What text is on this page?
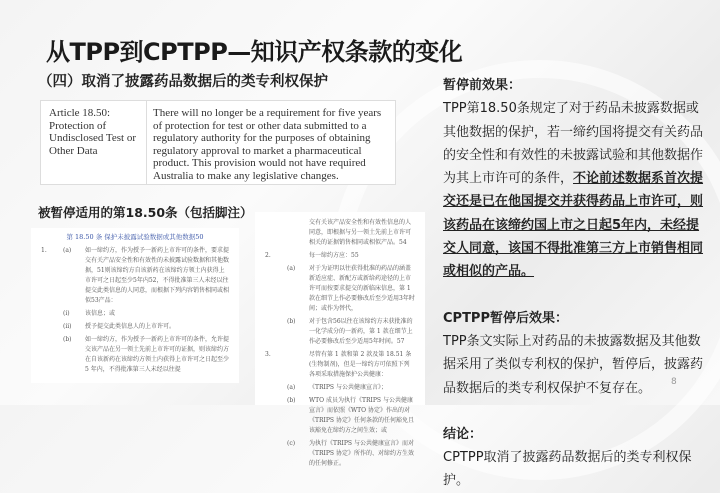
从TPP到CPTPP—知识产权条款的变化
（四）取消了披露药品数据后的类专利权保护
Article 18.50: Protection of Undisclosed Test or Other Data
There will no longer be a requirement for five years of protection for test or other data submitted to a regulatory authority for the purposes of obtaining regulatory approval to market a pharmaceutical product. This provision would not have required Australia to make any legislative changes.
被暂停适用的第18.50条（包括脚注）
第 18.50 条 保护未披露试验数据或其他数据50
1.	(a)	如一缔约方，作为授予一新药上市许可的条件，要求提交有关产品安全性和有效性的未披露试验数据和其他数据，51则该缔约方自该新药在该缔约方领土内获得上市许可之日起至少5年内52，不得批准第三人未经以往提交此类信息的人同意，而根据下列内容销售相同或相似53产品：
(i)	该信息；或
(ii)	授予提交此类信息人的上市许可。
(b)	如一缔约方，作为授予一新药上市许可的条件，允许提交该产品在另一领土先前上市许可的证据，则该缔约方在自该新药在该缔约方领土内获得上市许可之日起至少 5 年内，不得批准第三人未经以往提
交有关该产品安全性和有效性信息的人同意，即根据与另一领土先前上市许可相关的证据销售相同或相似产品。54
2.	每一缔约方应：55
(a)	对于为证明以往获得批准的药品的涵盖新适应症、新配方或新给药途径的上市许可而按要求提交的新临床信息，第 1 款在细节上作必要修改后至少适用3年时间；或作为替代，
(b)	对于包含56以往在该缔约方未获批准的一化学成分的一新药，第 1 款在细节上作必要修改后至少适用5年时间。57
3.	尽管有第 1 款和第 2 款及第 18.51 条(生物制剂)，但是一缔约方可依照下列各项采取措施保护公共健康：
(a)	《TRIPS 与公共健康宣言》；
(b)	WTO 成员为执行《TRIPS 与公共健康宣言》而依照《WTO 协定》作出的对《TRIPS 协定》任何条款的任何豁免且该豁免在缔约方之间生效；或
(c)	为执行《TRIPS 与公共健康宣言》而对《TRIPS 协定》所作的、对缔约方生效的任何修正。
暂停前效果：
TPP第18.50条规定了对于药品未披露数据或其他数据的保护，若一缔约国将提交有关药品的安全性和有效性的未披露试验和其他数据作为其上市许可的条件，不论前述数据系首次提交还是已在他国提交并获得药品上市许可，则该药品在该缔约国上市之日起5年内，未经提交人同意，该国不得批准第三方上市销售相同或相似的产品。
CPTPP暂停后效果：
TPP条文实际上对药品的未披露数据及其他数据采用了类似专利权的保护，暂停后，披露药品数据后的类专利权保护不复存在。
结论：
CPTPP取消了披露药品数据后的类专利权保护。
8
